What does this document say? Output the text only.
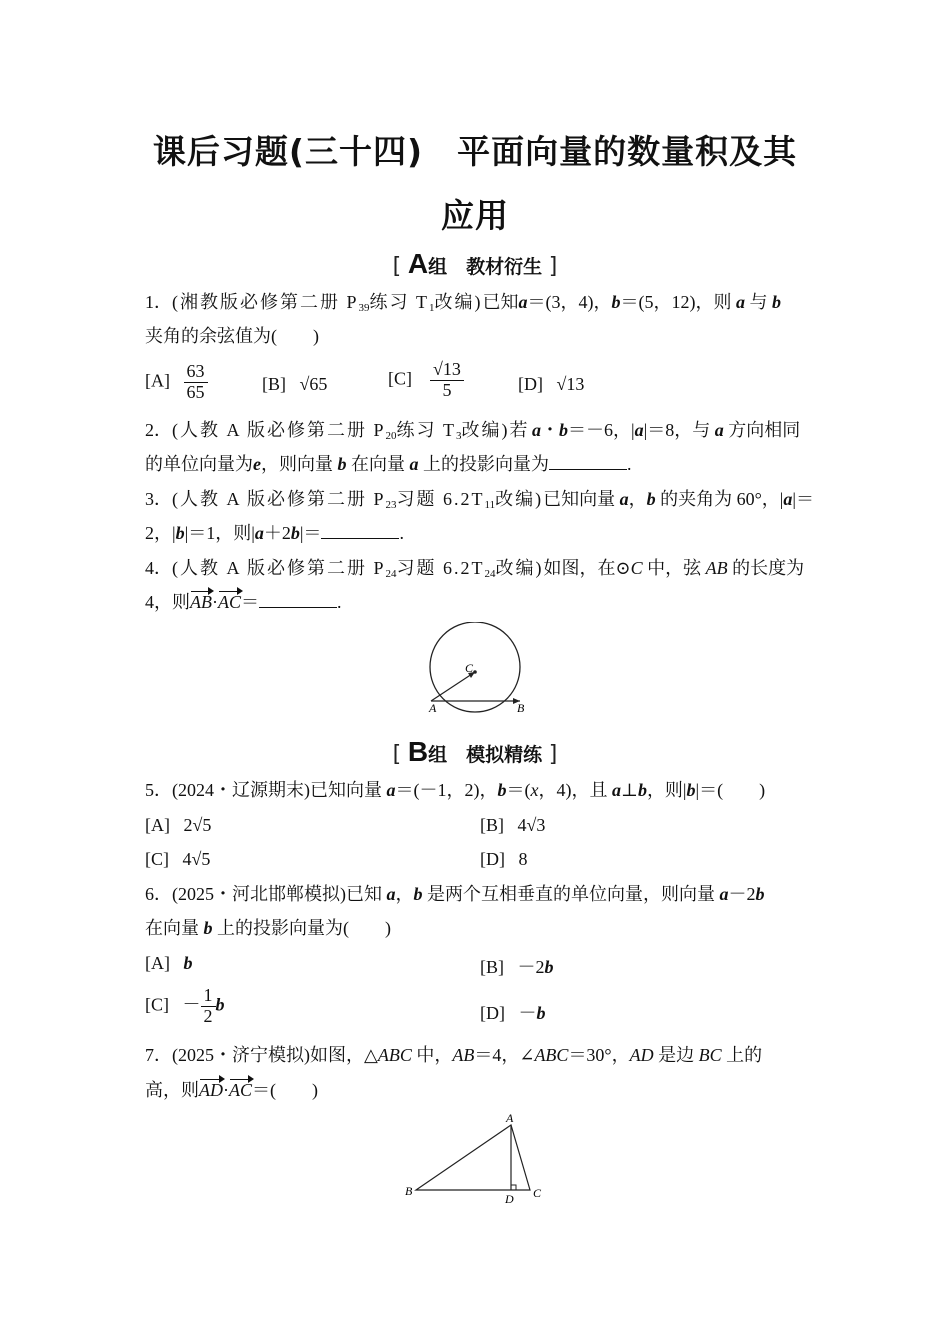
课后习题(三十四)　平面向量的数量积及其
应用
[ A组　教材衍生 ]
1．(湘教版必修第二册 $P_{39}$练习 $T_1$改编)已知a＝(3，4)，b＝(5，12)，则 a 与 b
夹角的余弦值为(　　)
$[A] \frac{63}{65}$	[B] √65	$[C] \frac{√13}{5}$	[D] √13
2．(人教 A 版必修第二册 $P_{20}$练习 $T_3$改编)若 a・b＝－6，|a|＝8，与 a 方向相同
的单位向量为e，则向量 b 在向量 a 上的投影向量为	.
3．(人教 A 版必修第二册 $P_{23}$习题 $6.2T_{11}$改编)已知向量 a，b 的夹角为 60°，|a|＝
2，|b|＝1，则|a＋2b|＝	.
4．(人教 A 版必修第二册 $P_{24}$习题 $6.2T_{24}$改编)如图，在⊙C 中，弦 AB 的长度为
4，则AB·AC＝	.
C
A	B
[ B组　模拟精练 ]
5．(2024・辽源期末)已知向量 a＝(－1，2)，b＝(x，4)，且 a⊥b，则|b|＝(　　)
[A] 2√5	[B] 4√3
[C] 4√5	[D] 8
6．(2025・河北邯郸模拟)已知 a，b 是两个互相垂直的单位向量，则向量 a－2b
在向量 b 上的投影向量为(　　)
[A] b	[B]   －2b
$[C] - \frac{1}{2}$ b	[D]   －b
7．(2025・济宁模拟)如图，△ABC 中，AB＝4，∠ABC＝30°，AD 是边 BC 上的
高，则AD·AC＝(　　)
A
B
D C
